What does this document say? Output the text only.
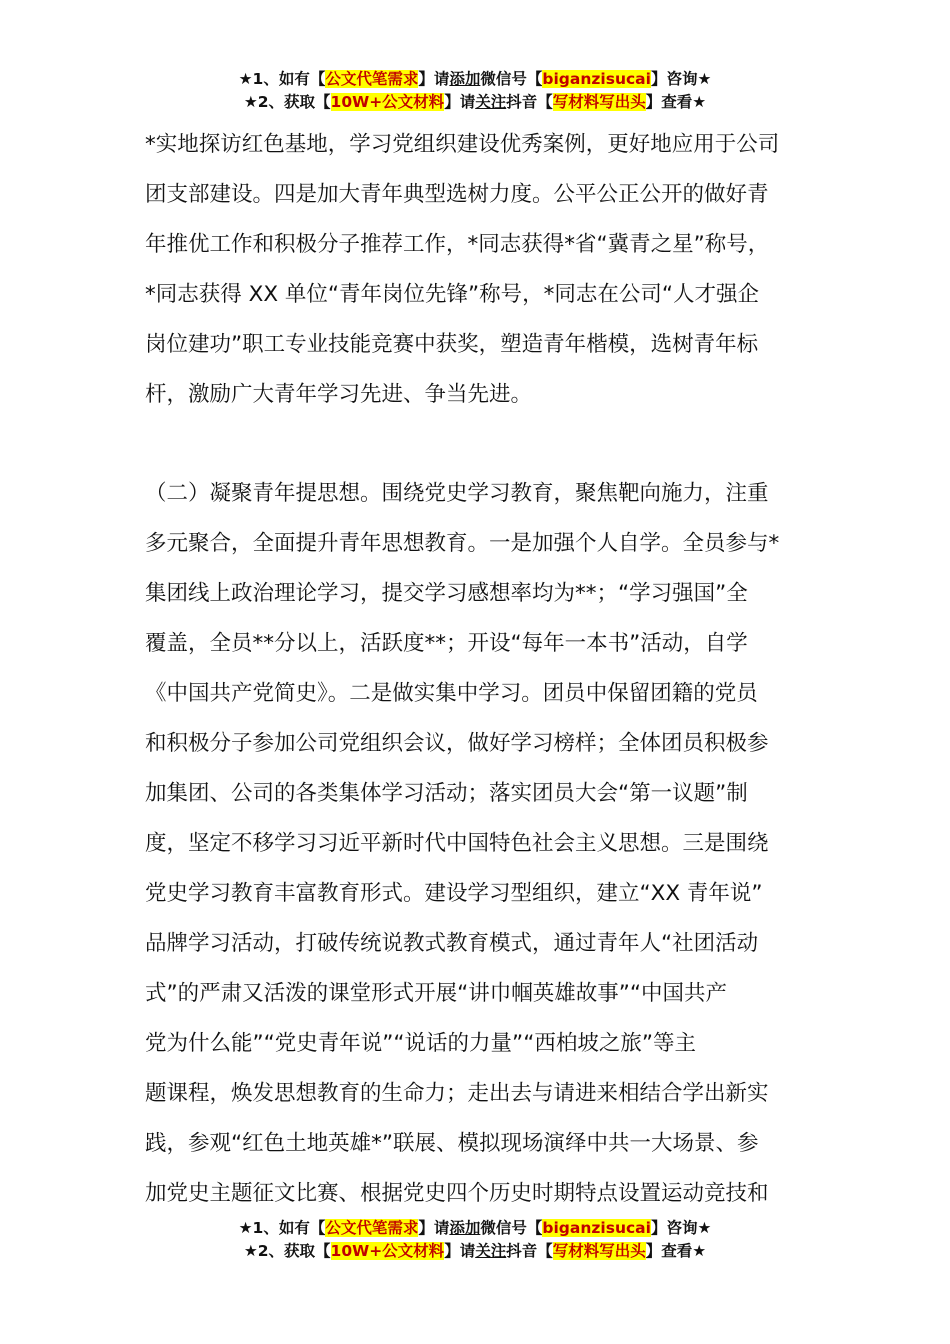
★1、如有【公文代笔需求】请添加微信号【biganzisucai】咨询★
★2、获取【10W+公文材料】请关注抖音【写材料写出头】查看★
*实地探访红色基地，学习党组织建设优秀案例，更好地应用于公司
团支部建设。四是加大青年典型选树力度。公平公正公开的做好青
年推优工作和积极分子推荐工作，*同志获得*省“冀青之星”称号，
*同志获得 XX 单位“青年岗位先锋”称号，*同志在公司“人才强企
岗位建功”职工专业技能竞赛中获奖，塑造青年楷模，选树青年标
杆，激励广大青年学习先进、争当先进。
（二）凝聚青年提思想。围绕党史学习教育，聚焦靶向施力，注重
多元聚合，全面提升青年思想教育。一是加强个人自学。全员参与*
集团线上政治理论学习，提交学习感想率均为**；“学习强国”全
覆盖，全员**分以上，活跃度**；开设“每年一本书”活动，自学
《中国共产党简史》。二是做实集中学习。团员中保留团籍的党员
和积极分子参加公司党组织会议，做好学习榜样；全体团员积极参
加集团、公司的各类集体学习活动；落实团员大会“第一议题”制
度，坚定不移学习习近平新时代中国特色社会主义思想。三是围绕
党史学习教育丰富教育形式。建设学习型组织，建立“XX 青年说”
品牌学习活动，打破传统说教式教育模式，通过青年人“社团活动
式”的严肃又活泼的课堂形式开展“讲巾帼英雄故事”“中国共产
党为什么能”“党史青年说”“说话的力量”“西柏坡之旅”等主
题课程，焕发思想教育的生命力；走出去与请进来相结合学出新实
践，参观“红色土地英雄*”联展、模拟现场演绎中共一大场景、参
加党史主题征文比赛、根据党史四个历史时期特点设置运动竞技和
★1、如有【公文代笔需求】请添加微信号【biganzisucai】咨询★
★2、获取【10W+公文材料】请关注抖音【写材料写出头】查看★
